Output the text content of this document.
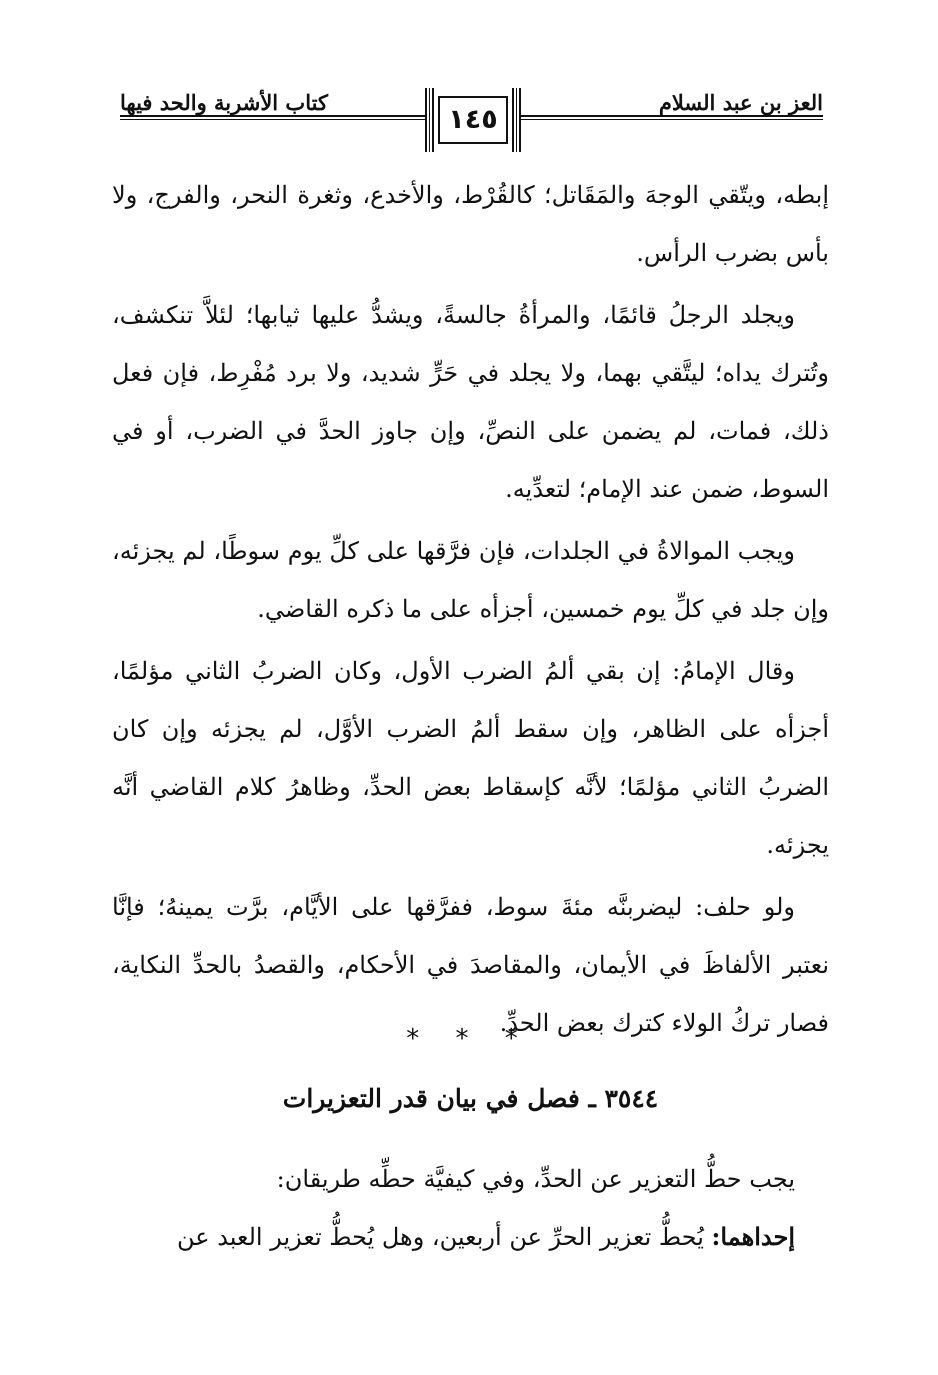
العز بن عبد السلام
كتاب الأشربة والحد فيها
١٤٥

إبطه، ويتّقي الوجهَ والمَقَاتل؛ كالقُرْط، والأخدع، وثغرة النحر، والفرج، ولا بأس بضرب الرأس.

ويجلد الرجلُ قائمًا، والمرأةُ جالسةً، ويشدُّ عليها ثيابها؛ لئلاَّ تنكشف، وتُترك يداه؛ ليتَّقي بهما، ولا يجلد في حَرٍّ شديد، ولا برد مُفْرِط، فإن فعل ذلك، فمات، لم يضمن على النصِّ، وإن جاوز الحدَّ في الضرب، أو في السوط، ضمن عند الإمام؛ لتعدِّيه.

ويجب الموالاةُ في الجلدات، فإن فرَّقها على كلِّ يوم سوطًا، لم يجزئه، وإن جلد في كلِّ يوم خمسين، أجزأه على ما ذكره القاضي.

وقال الإمامُ: إن بقي ألمُ الضرب الأول، وكان الضربُ الثاني مؤلمًا، أجزأه على الظاهر، وإن سقط ألمُ الضرب الأوَّل، لم يجزئه وإن كان الضربُ الثاني مؤلمًا؛ لأنَّه كإسقاط بعض الحدِّ، وظاهرُ كلام القاضي أنَّه يجزئه.

ولو حلف: ليضربنَّه مئةَ سوط، ففرَّقها على الأيَّام، برَّت يمينهُ؛ فإنَّا نعتبر الألفاظَ في الأيمان، والمقاصدَ في الأحكام، والقصدُ بالحدِّ النكاية، فصار تركُ الولاء كترك بعض الحدِّ.

* * *
٣٥٤٤ ـ فصل في بيان قدر التعزيرات

يجب حطُّ التعزير عن الحدِّ، وفي كيفيَّة حطِّه طريقان:

إحداهما: يُحطُّ تعزير الحرِّ عن أربعين، وهل يُحطُّ تعزير العبد عن
